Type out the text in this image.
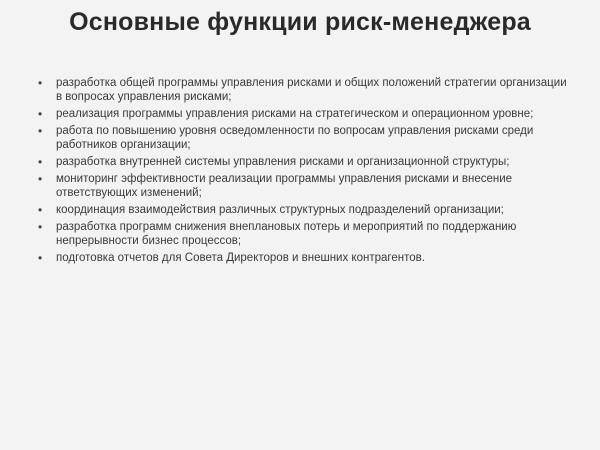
Основные функции риск-менеджера
• разработка общей программы управления рисками и общих положений стратегии организации в вопросах управления рисками;
• реализация программы управления рисками на стратегическом и операционном уровне;
• работа по повышению уровня осведомленности по вопросам управления рисками среди работников организации;
• разработка внутренней системы управления рисками и организационной структуры;
• мониторинг эффективности реализации программы управления рисками и внесение ответствующих изменений;
• координация взаимодействия различных структурных подразделений организации;
• разработка программ снижения внеплановых потерь и мероприятий по поддержанию непрерывности бизнес процессов;
• подготовка отчетов для Совета Директоров и внешних контрагентов.
